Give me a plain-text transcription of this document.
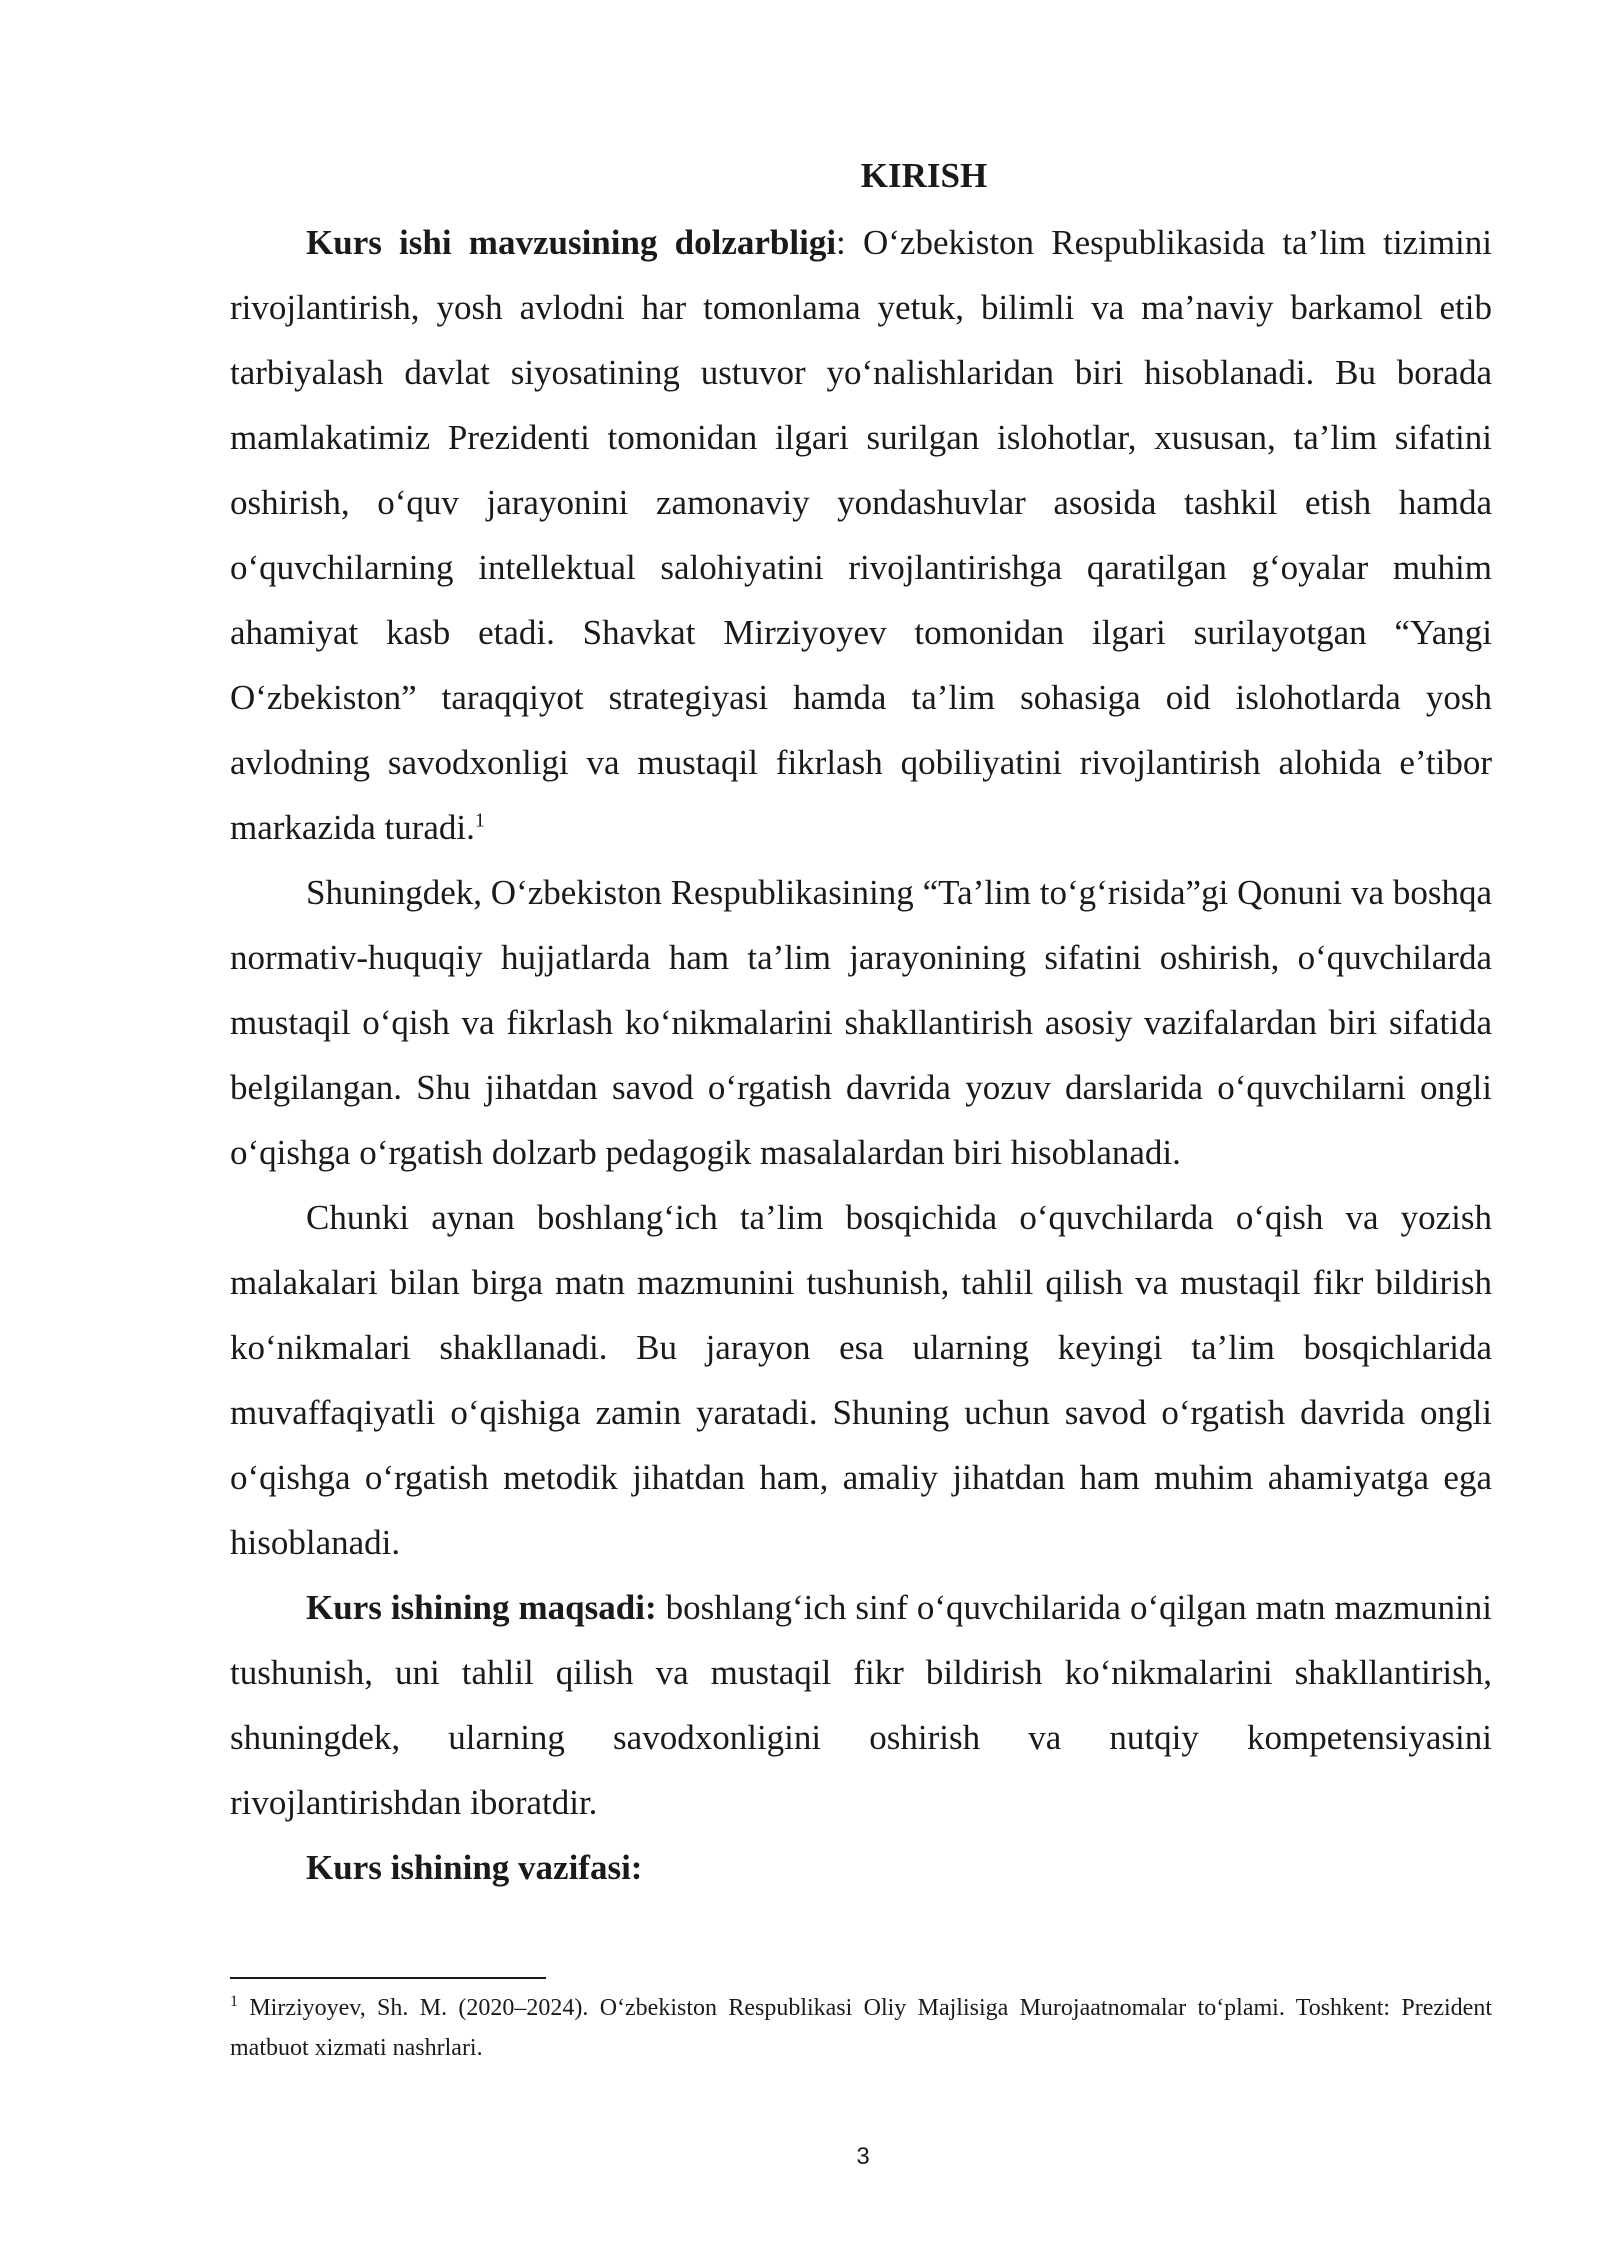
KIRISH

Kurs ishi mavzusining dolzarbligi: O‘zbekiston Respublikasida ta’lim tizimini rivojlantirish, yosh avlodni har tomonlama yetuk, bilimli va ma’naviy barkamol etib tarbiyalash davlat siyosatining ustuvor yo‘nalishlaridan biri hisoblanadi. Bu borada mamlakatimiz Prezidenti tomonidan ilgari surilgan islohotlar, xususan, ta’lim sifatini oshirish, o‘quv jarayonini zamonaviy yondashuvlar asosida tashkil etish hamda o‘quvchilarning intellektual salohiyatini rivojlantirishga qaratilgan g‘oyalar muhim ahamiyat kasb etadi. Shavkat Mirziyoyev tomonidan ilgari surilayotgan “Yangi O‘zbekiston” taraqqiyot strategiyasi hamda ta’lim sohasiga oid islohotlarda yosh avlodning savodxonligi va mustaqil fikrlash qobiliyatini rivojlantirish alohida e’tibor markazida turadi.$^1$

Shuningdek, O‘zbekiston Respublikasining “Ta’lim to‘g‘risida”gi Qonuni va boshqa normativ-huquqiy hujjatlarda ham ta’lim jarayonining sifatini oshirish, o‘quvchilarda mustaqil o‘qish va fikrlash ko‘nikmalarini shakllantirish asosiy vazifalardan biri sifatida belgilangan. Shu jihatdan savod o‘rgatish davrida yozuv darslarida o‘quvchilarni ongli o‘qishga o‘rgatish dolzarb pedagogik masalalardan biri hisoblanadi.

Chunki aynan boshlang‘ich ta’lim bosqichida o‘quvchilarda o‘qish va yozish malakalari bilan birga matn mazmunini tushunish, tahlil qilish va mustaqil fikr bildirish ko‘nikmalari shakllanadi. Bu jarayon esa ularning keyingi ta’lim bosqichlarida muvaffaqiyatli o‘qishiga zamin yaratadi. Shuning uchun savod o‘rgatish davrida ongli o‘qishga o‘rgatish metodik jihatdan ham, amaliy jihatdan ham muhim ahamiyatga ega hisoblanadi.

Kurs ishining maqsadi: boshlang‘ich sinf o‘quvchilarida o‘qilgan matn mazmunini tushunish, uni tahlil qilish va mustaqil fikr bildirish ko‘nikmalarini shakllantirish, shuningdek, ularning savodxonligini oshirish va nutqiy kompetensiyasini rivojlantirishdan iboratdir.

Kurs ishining vazifasi:

$^1$ Mirziyoyev, Sh. M. (2020–2024). O‘zbekiston Respublikasi Oliy Majlisiga Murojaatnomalar to‘plami. Toshkent: Prezident matbuot xizmati nashrlari.

3
